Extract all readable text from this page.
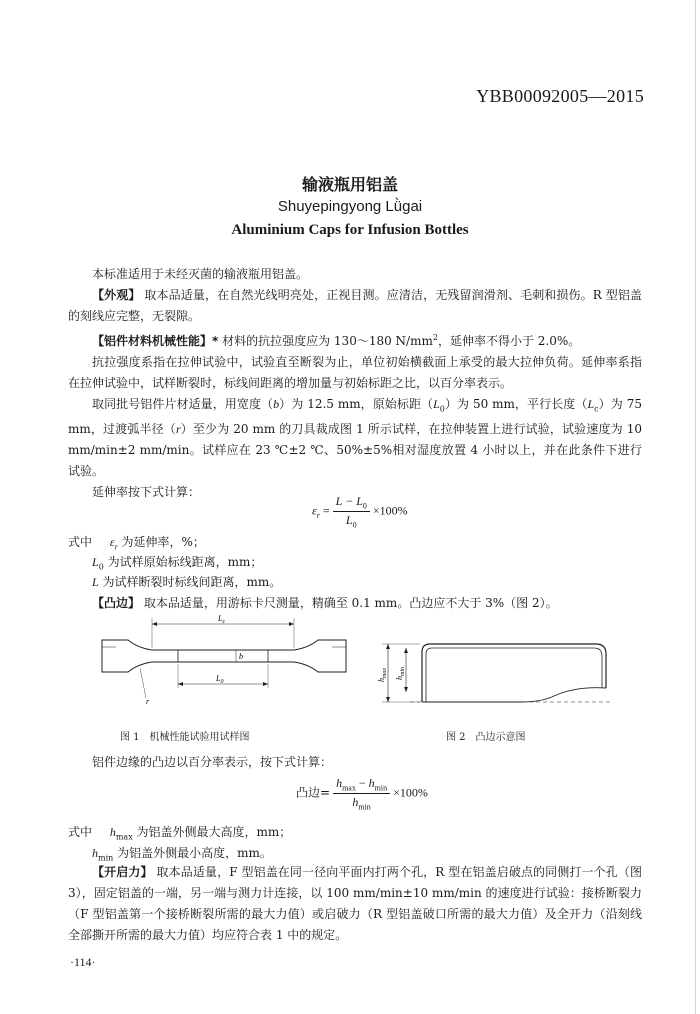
YBB00092005—2015
输液瓶用铝盖
Shuyepingyong Lǜgai
Aluminium Caps for Infusion Bottles

本标准适用于未经灭菌的输液瓶用铝盖。

【外观】 取本品适量，在自然光线明亮处，正视目测。应清洁，无残留润滑剂、毛刺和损伤。R 型铝盖的刻线应完整，无裂隙。

【铝件材料机械性能】* 材料的抗拉强度应为 130～180 $N/mm^2$，延伸率不得小于 2.0%。

抗拉强度系指在拉伸试验中，试验直至断裂为止，单位初始横截面上承受的最大拉伸负荷。延伸率系指在拉伸试验中，试样断裂时，标线间距离的增加量与初始标距之比，以百分率表示。

取同批号铝件片材适量，用宽度（b）为 12.5 mm，原始标距$(L_0)$为 50 mm，平行长度$(L_c)$为 75 mm，过渡弧半径（r）至少为 20 mm 的刀具裁成图 1 所示试样，在拉伸装置上进行试验，试验速度为 10 mm/min±2 mm/min。试样应在 23 ℃±2 ℃、50%±5%相对湿度放置 4 小时以上，并在此条件下进行试验。

延伸率按下式计算：

$\varepsilon_r = \frac{L - L_0}{L_0} \times 100\%$
式中 $\varepsilon_r$ 为延伸率，%；
$L_0$ 为试样原始标线距离，mm；
L 为试样断裂时标线间距离，mm。
【凸边】 取本品适量，用游标卡尺测量，精确至 0.1 mm。凸边应不大于 3%（图 2）。
$L_c$
$L_0$
b
r
$h_{max}$ $h_{min}$
图 1　机械性能试验用试样图	图 2　凸边示意图
铝件边缘的凸边以百分率表示，按下式计算：
凸边= $\frac{h_{max} - h_{min}}{h_{min}} \times 100\%$
式中 $h_{max}$ 为铝盖外侧最大高度，mm；
$h_{min}$ 为铝盖外侧最小高度，mm。

【开启力】 取本品适量，F 型铝盖在同一径向平面内打两个孔，R 型在铝盖启破点的同侧打一个孔（图 3），固定铝盖的一端，另一端与测力计连接，以 100 mm/min±10 mm/min 的速度进行试验：接桥断裂力（F 型铝盖第一个接桥断裂所需的最大力值）或启破力（R 型铝盖破口所需的最大力值）及全开力（沿刻线全部撕开所需的最大力值）均应符合表 1 中的规定。

·114·
